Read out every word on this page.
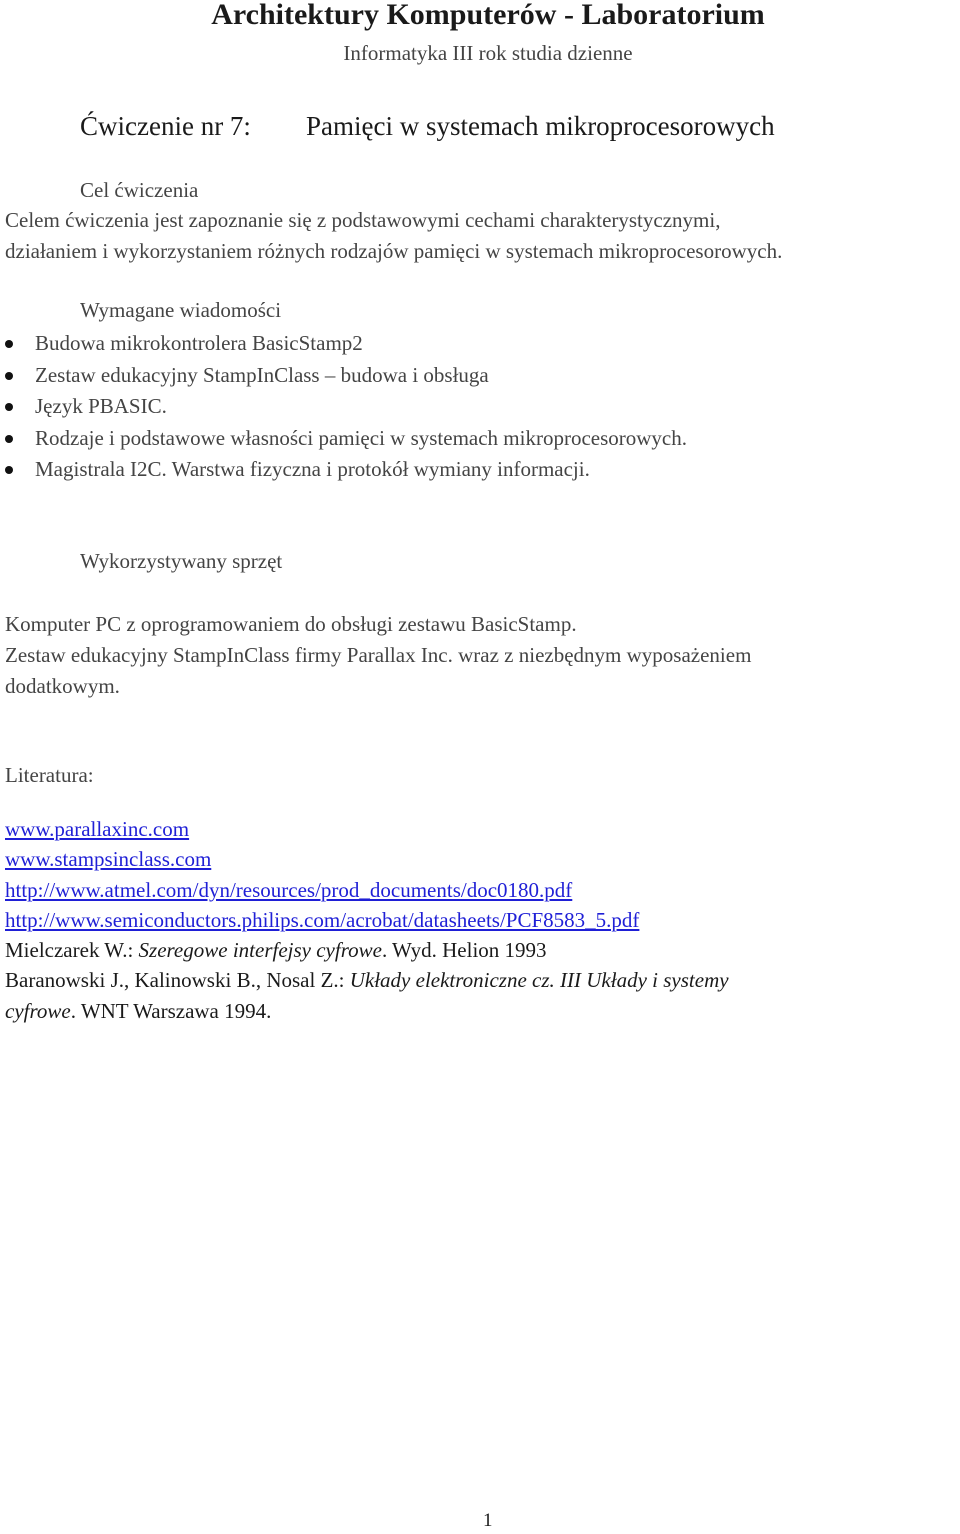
Architektury Komputerów - Laboratorium
Informatyka III rok studia dzienne
Ćwiczenie nr 7: Pamięci w systemach mikroprocesorowych
Cel ćwiczenia
Celem ćwiczenia jest zapoznanie się z podstawowymi cechami charakterystycznymi,
działaniem i wykorzystaniem różnych rodzajów pamięci w systemach mikroprocesorowych.
Wymagane wiadomości
Budowa mikrokontrolera BasicStamp2
Zestaw edukacyjny StampInClass – budowa i obsługa
Język PBASIC.
Rodzaje i podstawowe własności pamięci w systemach mikroprocesorowych.
Magistrala I2C. Warstwa fizyczna i protokół wymiany informacji.
Wykorzystywany sprzęt
Komputer PC z oprogramowaniem do obsługi zestawu BasicStamp.
Zestaw edukacyjny StampInClass firmy Parallax Inc. wraz z niezbędnym wyposażeniem
dodatkowym.
Literatura:
www.parallaxinc.com
www.stampsinclass.com
http://www.atmel.com/dyn/resources/prod_documents/doc0180.pdf
http://www.semiconductors.philips.com/acrobat/datasheets/PCF8583_5.pdf
Mielczarek W.: Szeregowe interfejsy cyfrowe. Wyd. Helion 1993
Baranowski J., Kalinowski B., Nosal Z.: Układy elektroniczne cz. III Układy i systemy
cyfrowe. WNT Warszawa 1994.
1
